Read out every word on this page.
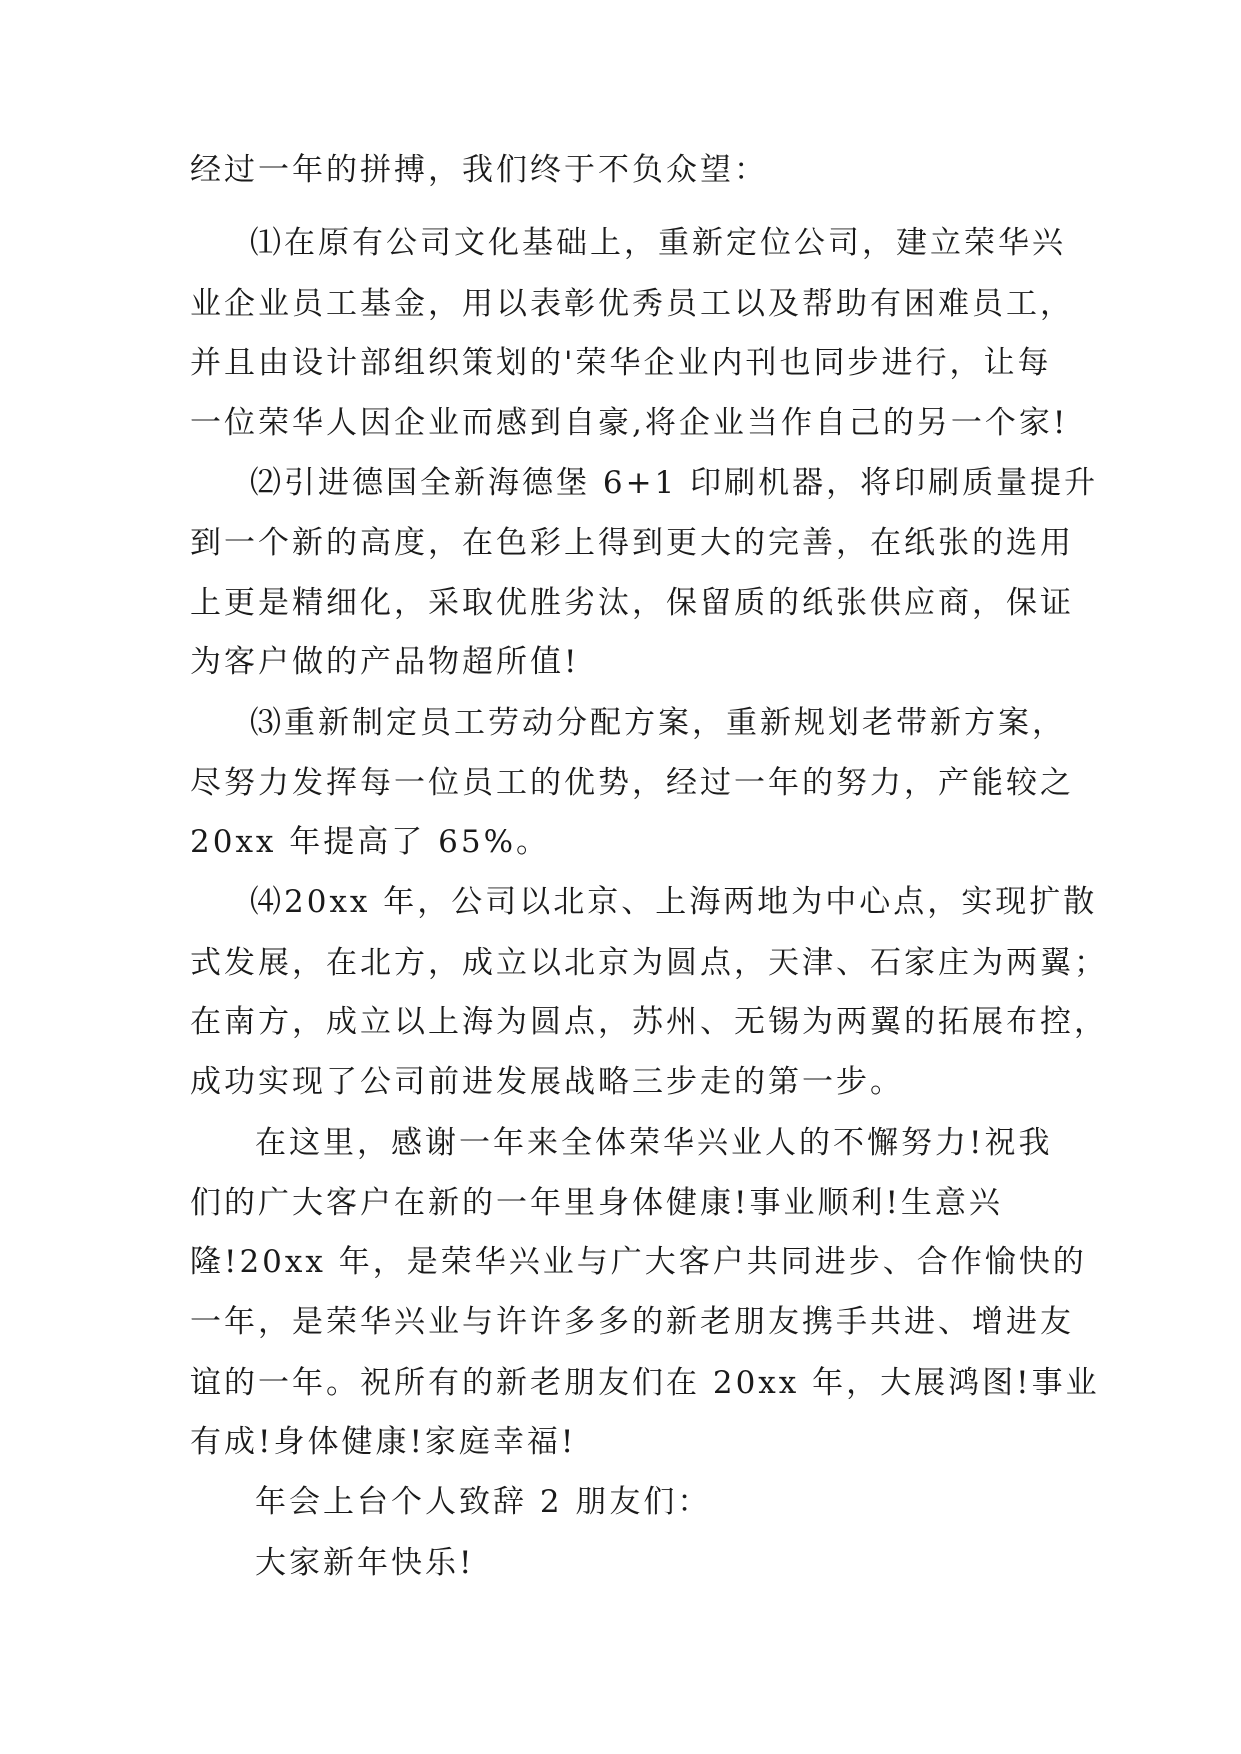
经过一年的拼搏，我们终于不负众望：
⑴在原有公司文化基础上，重新定位公司，建立荣华兴
业企业员工基金，用以表彰优秀员工以及帮助有困难员工，
并且由设计部组织策划的'荣华企业内刊也同步进行，让每
一位荣华人因企业而感到自豪,将企业当作自己的另一个家!
⑵引进德国全新海德堡 6+1 印刷机器，将印刷质量提升
到一个新的高度，在色彩上得到更大的完善，在纸张的选用
上更是精细化，采取优胜劣汰，保留质的纸张供应商，保证
为客户做的产品物超所值!
⑶重新制定员工劳动分配方案，重新规划老带新方案，
尽努力发挥每一位员工的优势，经过一年的努力，产能较之
20xx 年提高了 65%。
⑷20xx 年，公司以北京、上海两地为中心点，实现扩散
式发展，在北方，成立以北京为圆点，天津、石家庄为两翼；
在南方，成立以上海为圆点，苏州、无锡为两翼的拓展布控，
成功实现了公司前进发展战略三步走的第一步。
在这里，感谢一年来全体荣华兴业人的不懈努力!祝我
们的广大客户在新的一年里身体健康!事业顺利!生意兴
隆!20xx 年，是荣华兴业与广大客户共同进步、合作愉快的
一年，是荣华兴业与许许多多的新老朋友携手共进、增进友
谊的一年。祝所有的新老朋友们在 20xx 年，大展鸿图!事业
有成!身体健康!家庭幸福!
年会上台个人致辞 2 朋友们：
大家新年快乐!
